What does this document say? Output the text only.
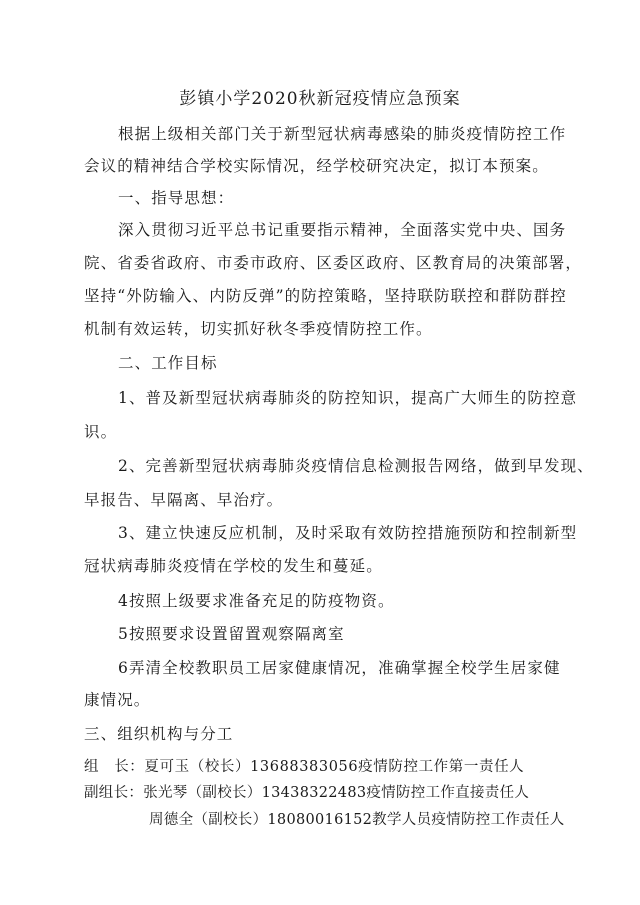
彭镇小学2020秋新冠疫情应急预案
根据上级相关部门关于新型冠状病毒感染的肺炎疫情防控工作
会议的精神结合学校实际情况，经学校研究决定，拟订本预案。
一、指导思想：
深入贯彻习近平总书记重要指示精神，全面落实党中央、国务
院、省委省政府、市委市政府、区委区政府、区教育局的决策部署，
坚持“外防输入、内防反弹”的防控策略，坚持联防联控和群防群控
机制有效运转，切实抓好秋冬季疫情防控工作。
二、工作目标
1、普及新型冠状病毒肺炎的防控知识，提高广大师生的防控意
识。
2、完善新型冠状病毒肺炎疫情信息检测报告网络，做到早发现、
早报告、早隔离、早治疗。
3、建立快速反应机制，及时采取有效防控措施预防和控制新型
冠状病毒肺炎疫情在学校的发生和蔓延。
4按照上级要求准备充足的防疫物资。
5按照要求设置留置观察隔离室
6弄清全校教职员工居家健康情况，准确掌握全校学生居家健
康情况。
三、组织机构与分工
组　长：夏可玉（校长）13688383056疫情防控工作第一责任人
副组长：张光琴（副校长）13438322483疫情防控工作直接责任人
周德全（副校长）18080016152教学人员疫情防控工作责任人
